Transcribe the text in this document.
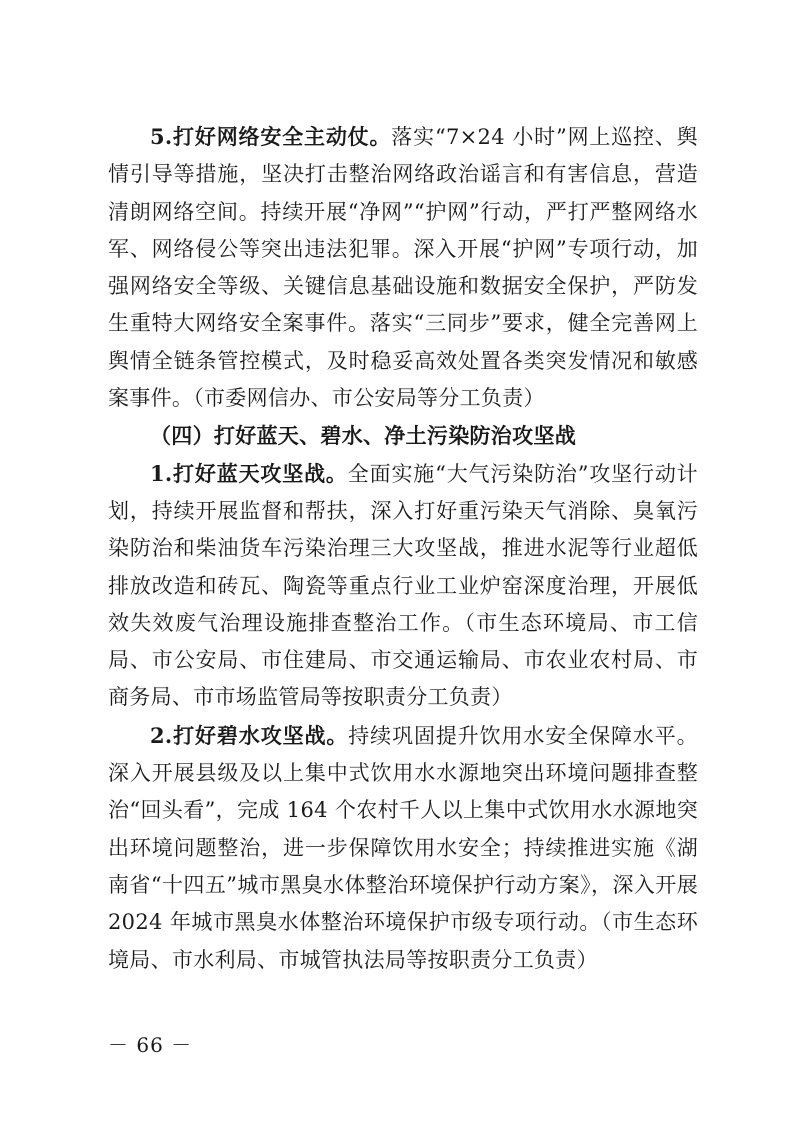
5.打好网络安全主动仗。落实“7×24 小时”网上巡控、舆情引导等措施，坚决打击整治网络政治谣言和有害信息，营造清朗网络空间。持续开展“净网”“护网”行动，严打严整网络水军、网络侵公等突出违法犯罪。深入开展“护网”专项行动，加强网络安全等级、关键信息基础设施和数据安全保护，严防发生重特大网络安全案事件。落实“三同步”要求，健全完善网上舆情全链条管控模式，及时稳妥高效处置各类突发情况和敏感案事件。（市委网信办、市公安局等分工负责）

（四）打好蓝天、碧水、净土污染防治攻坚战

1.打好蓝天攻坚战。全面实施“大气污染防治”攻坚行动计划，持续开展监督和帮扶，深入打好重污染天气消除、臭氧污染防治和柴油货车污染治理三大攻坚战，推进水泥等行业超低排放改造和砖瓦、陶瓷等重点行业工业炉窑深度治理，开展低效失效废气治理设施排查整治工作。（市生态环境局、市工信局、市公安局、市住建局、市交通运输局、市农业农村局、市商务局、市市场监管局等按职责分工负责）

2.打好碧水攻坚战。持续巩固提升饮用水安全保障水平。深入开展县级及以上集中式饮用水水源地突出环境问题排查整治“回头看”，完成 164 个农村千人以上集中式饮用水水源地突出环境问题整治，进一步保障饮用水安全；持续推进实施《湖南省“十四五”城市黑臭水体整治环境保护行动方案》，深入开展 2024 年城市黑臭水体整治环境保护市级专项行动。（市生态环境局、市水利局、市城管执法局等按职责分工负责）

－ 66 －
